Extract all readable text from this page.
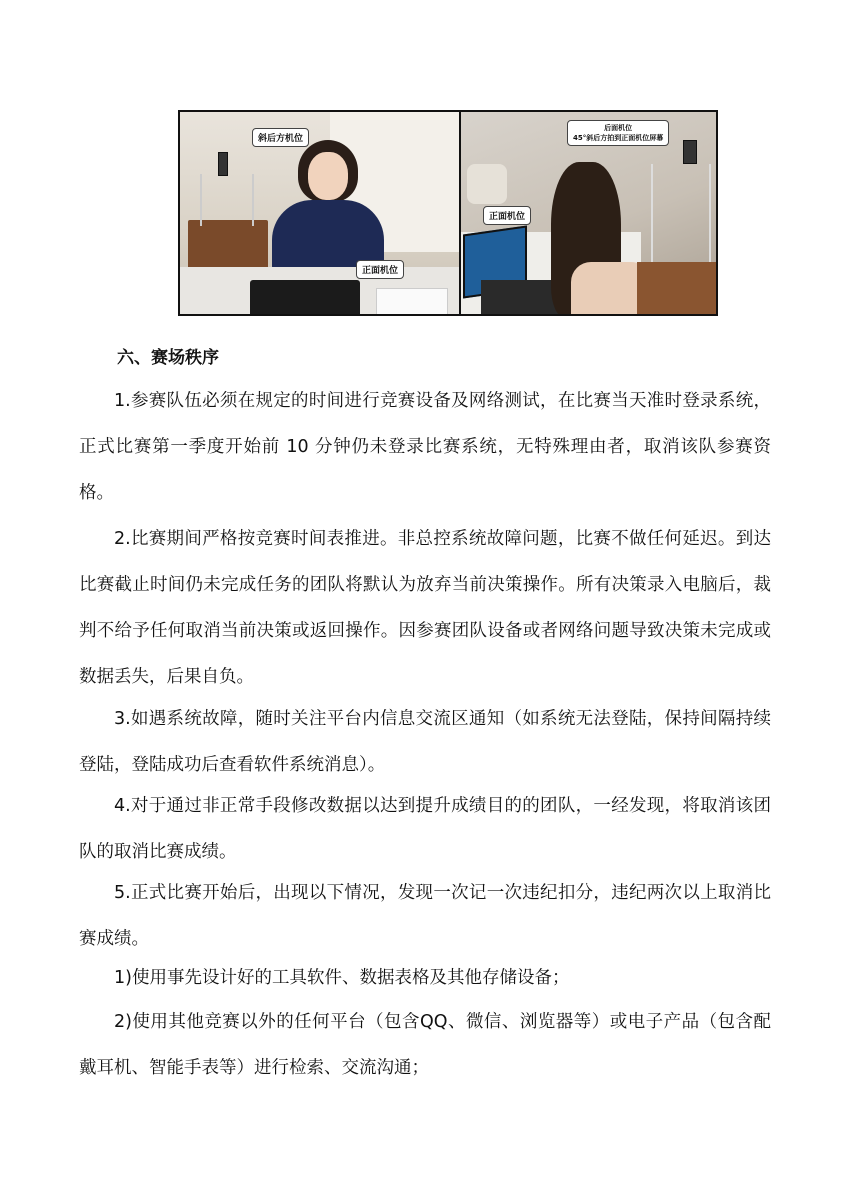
斜后方机位
正面机位
后面机位
45°斜后方拍到正面机位屏幕
正面机位
六、赛场秩序

1.参赛队伍必须在规定的时间进行竞赛设备及网络测试，在比赛当天准时登录系统，正式比赛第一季度开始前 10 分钟仍未登录比赛系统，无特殊理由者，取消该队参赛资格。

2.比赛期间严格按竞赛时间表推进。非总控系统故障问题，比赛不做任何延迟。到达比赛截止时间仍未完成任务的团队将默认为放弃当前决策操作。所有决策录入电脑后，裁判不给予任何取消当前决策或返回操作。因参赛团队设备或者网络问题导致决策未完成或数据丢失，后果自负。

3.如遇系统故障，随时关注平台内信息交流区通知（如系统无法登陆，保持间隔持续登陆，登陆成功后查看软件系统消息）。

4.对于通过非正常手段修改数据以达到提升成绩目的的团队，一经发现，将取消该团队的取消比赛成绩。

5.正式比赛开始后，出现以下情况，发现一次记一次违纪扣分，违纪两次以上取消比赛成绩。

1)使用事先设计好的工具软件、数据表格及其他存储设备；

2)使用其他竞赛以外的任何平台（包含QQ、微信、浏览器等）或电子产品（包含配戴耳机、智能手表等）进行检索、交流沟通；
